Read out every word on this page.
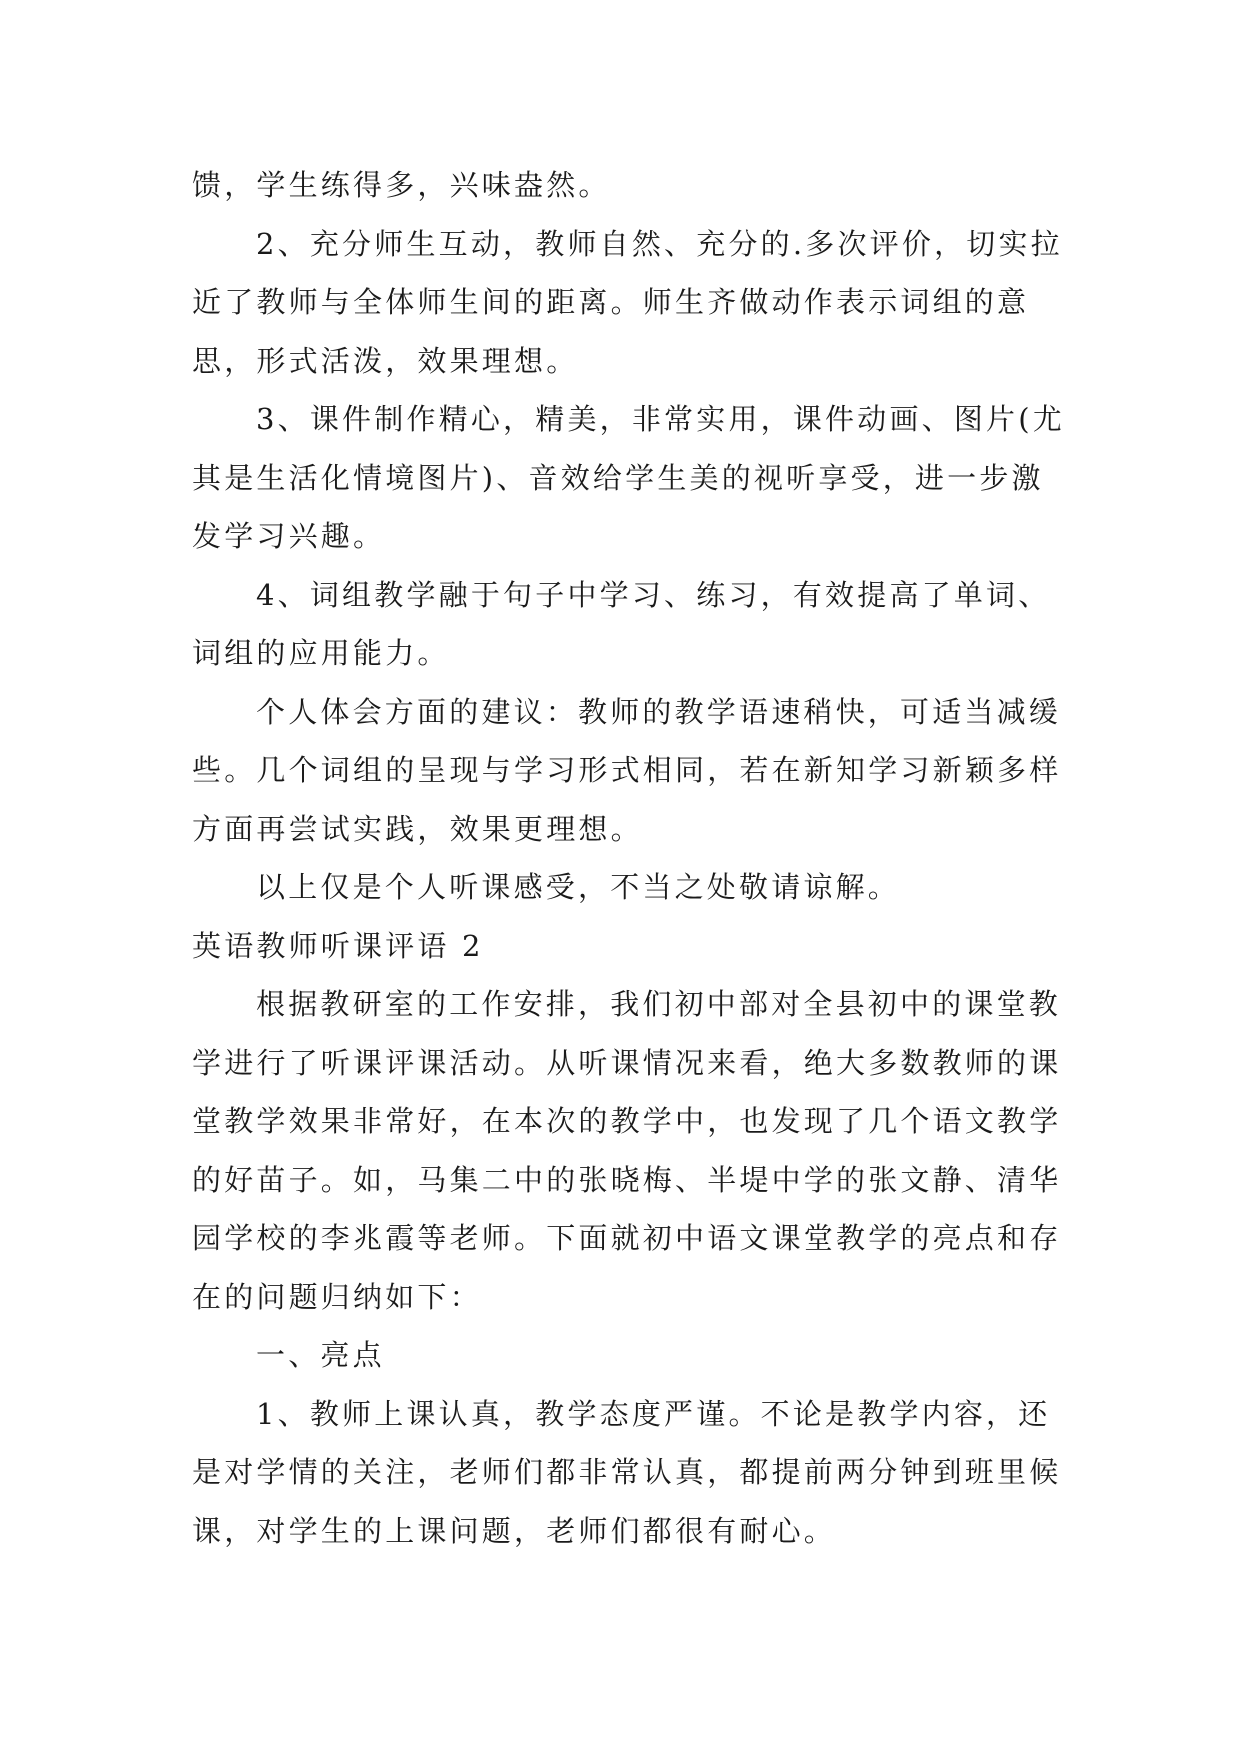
馈，学生练得多，兴味盎然。

2、充分师生互动，教师自然、充分的.多次评价，切实拉近了教师与全体师生间的距离。师生齐做动作表示词组的意思，形式活泼，效果理想。

3、课件制作精心，精美，非常实用，课件动画、图片(尤其是生活化情境图片)、音效给学生美的视听享受，进一步激发学习兴趣。

4、词组教学融于句子中学习、练习，有效提高了单词、词组的应用能力。

个人体会方面的建议：教师的教学语速稍快，可适当减缓些。几个词组的呈现与学习形式相同，若在新知学习新颖多样方面再尝试实践，效果更理想。

以上仅是个人听课感受，不当之处敬请谅解。

英语教师听课评语 2

根据教研室的工作安排，我们初中部对全县初中的课堂教学进行了听课评课活动。从听课情况来看，绝大多数教师的课堂教学效果非常好，在本次的教学中，也发现了几个语文教学的好苗子。如，马集二中的张晓梅、半堤中学的张文静、清华园学校的李兆霞等老师。下面就初中语文课堂教学的亮点和存在的问题归纳如下：

一、亮点

1、教师上课认真，教学态度严谨。不论是教学内容，还是对学情的关注，老师们都非常认真，都提前两分钟到班里候课，对学生的上课问题，老师们都很有耐心。
